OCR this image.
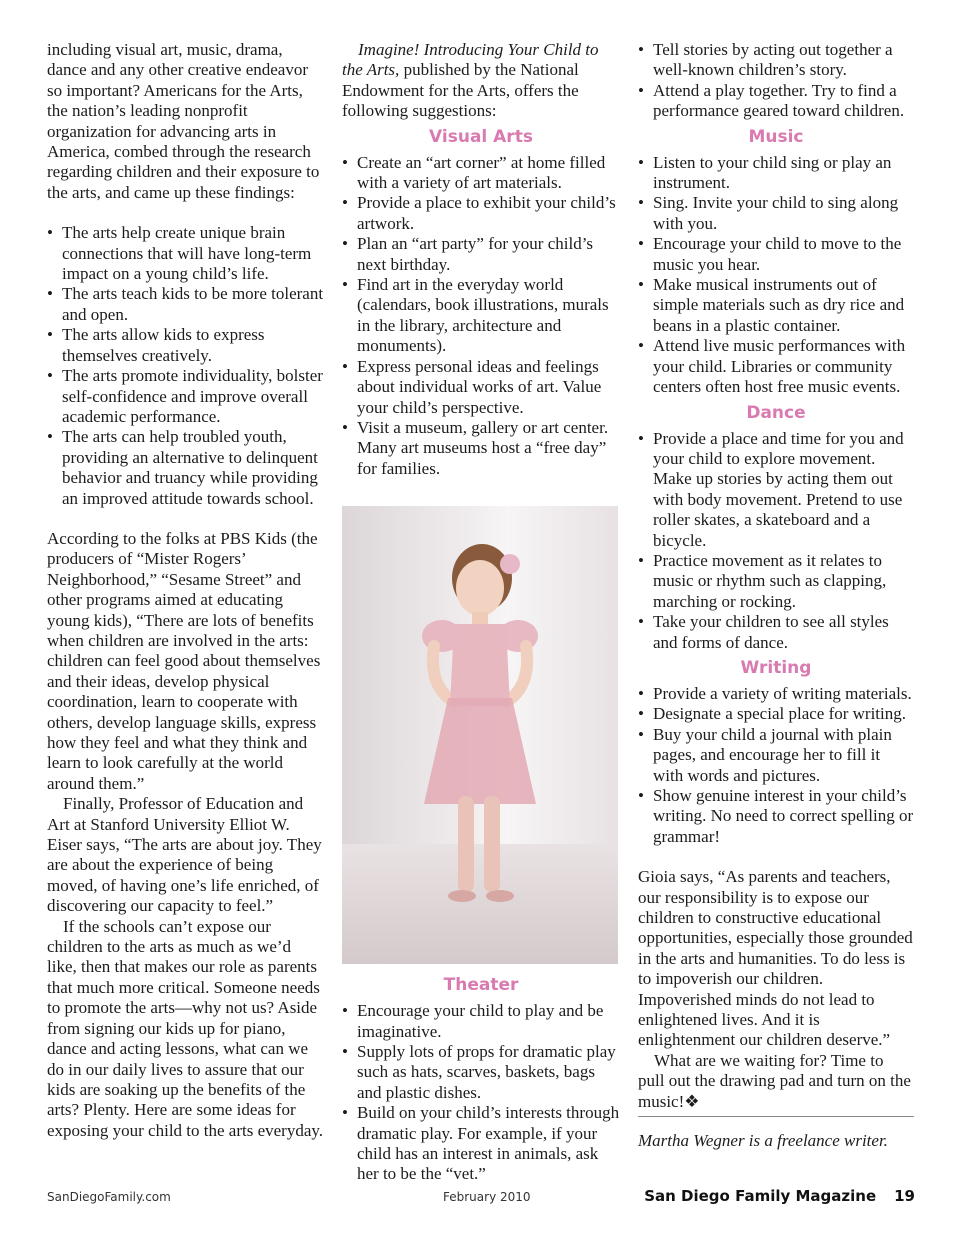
including visual art, music, drama, dance and any other creative endeavor so important? Americans for the Arts, the nation’s leading nonprofit organization for advancing arts in America, combed through the research regarding children and their exposure to the arts, and came up these findings:

• The arts help create unique brain connections that will have long-term impact on a young child’s life.
• The arts teach kids to be more tolerant and open.
• The arts allow kids to express themselves creatively.
• The arts promote individuality, bolster self-confidence and improve overall academic performance.
• The arts can help troubled youth, providing an alternative to delinquent behavior and truancy while providing an improved attitude towards school.

According to the folks at PBS Kids (the producers of “Mister Rogers’ Neighborhood,” “Sesame Street” and other programs aimed at educating young kids), “There are lots of benefits when children are involved in the arts: children can feel good about themselves and their ideas, develop physical coordination, learn to cooperate with others, develop language skills, express how they feel and what they think and learn to look carefully at the world around them.”

Finally, Professor of Education and Art at Stanford University Elliot W. Eiser says, “The arts are about joy. They are about the experience of being moved, of having one’s life enriched, of discovering our capacity to feel.”

If the schools can’t expose our children to the arts as much as we’d like, then that makes our role as parents that much more critical. Someone needs to promote the arts—why not us? Aside from signing our kids up for piano, dance and acting lessons, what can we do in our daily lives to assure that our kids are soaking up the benefits of the arts? Plenty. Here are some ideas for exposing your child to the arts everyday.

Imagine! Introducing Your Child to the Arts, published by the National Endowment for the Arts, offers the following suggestions:

Visual Arts
• Create an “art corner” at home filled with a variety of art materials.
• Provide a place to exhibit your child’s artwork.
• Plan an “art party” for your child’s next birthday.
• Find art in the everyday world (calendars, book illustrations, murals in the library, architecture and monuments).
• Express personal ideas and feelings about individual works of art. Value your child’s perspective.
• Visit a museum, gallery or art center. Many art museums host a “free day” for families.
Theater
• Encourage your child to play and be imaginative.
• Supply lots of props for dramatic play such as hats, scarves, baskets, bags and plastic dishes.
• Build on your child’s interests through dramatic play. For example, if your child has an interest in animals, ask her to be the “vet.”
• Tell stories by acting out together a well-known children’s story.
• Attend a play together. Try to find a performance geared toward children.
Music
• Listen to your child sing or play an instrument.
• Sing. Invite your child to sing along with you.
• Encourage your child to move to the music you hear.
• Make musical instruments out of simple materials such as dry rice and beans in a plastic container.
• Attend live music performances with your child. Libraries or community centers often host free music events.
Dance
• Provide a place and time for you and your child to explore movement. Make up stories by acting them out with body movement. Pretend to use roller skates, a skateboard and a bicycle.
• Practice movement as it relates to music or rhythm such as clapping, marching or rocking.
• Take your children to see all styles and forms of dance.
Writing
• Provide a variety of writing materials.
• Designate a special place for writing.
• Buy your child a journal with plain pages, and encourage her to fill it with words and pictures.
• Show genuine interest in your child’s writing. No need to correct spelling or grammar!

Gioia says, “As parents and teachers, our responsibility is to expose our children to constructive educational opportunities, especially those grounded in the arts and humanities. To do less is to impoverish our children. Impoverished minds do not lead to enlightened lives. And it is enlightenment our children deserve.”

What are we waiting for? Time to pull out the drawing pad and turn on the music!❖

Martha Wegner is a freelance writer.

SanDiegoFamily.com	February 2010	San Diego Family Magazine 19
